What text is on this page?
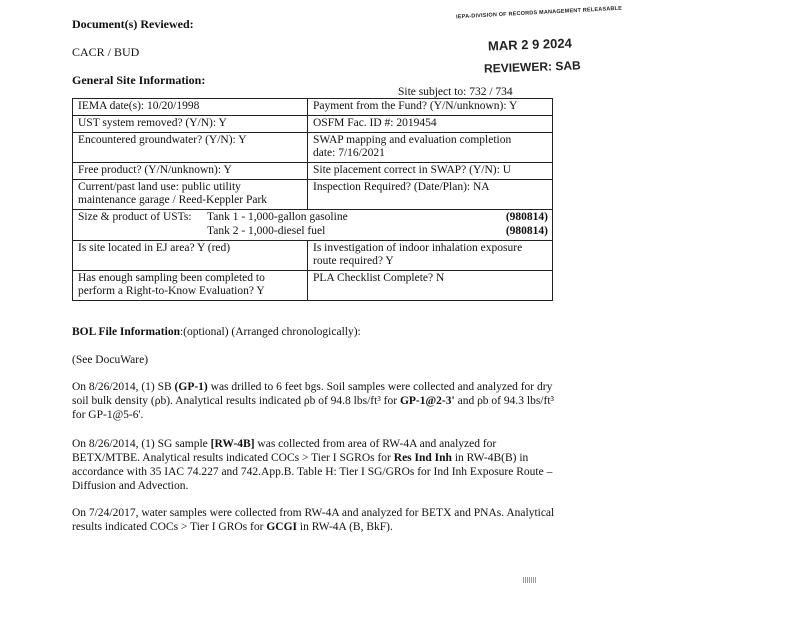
Document(s) Reviewed:
CACR / BUD
General Site Information:
IEPA-DIVISION OF RECORDS MANAGEMENT RELEASABLE
MAR 2 9 2024
REVIEWER: SAB
Site subject to: 732 / 734
IEMA date(s): 10/20/1998	Payment from the Fund? (Y/N/unknown): Y
UST system removed? (Y/N): Y	OSFM Fac. ID #: 2019454
Encountered groundwater? (Y/N): Y	SWAP mapping and evaluation completion
date: 7/16/2021

Free product? (Y/N/unknown): Y	Site placement correct in SWAP? (Y/N): U

Current/past land use: public utility
maintenance garage / Reed-Keppler Park	Inspection Required? (Date/Plan): NA

Size & product of USTs: Tank 1 - 1,000-gallon gasoline (980814)
Tank 2 - 1,000-diesel fuel (980814)	

Is site located in EJ area? Y (red)	Is investigation of indoor inhalation exposure
route required? Y

Has enough sampling been completed to
perform a Right-to-Know Evaluation? Y	PLA Checklist Complete? N
BOL File Information:(optional) (Arranged chronologically):
(See DocuWare)
On 8/26/2014, (1) SB (GP-1) was drilled to 6 feet bgs. Soil samples were collected and analyzed for dry soil bulk density (ρb). Analytical results indicated ρb of 94.8 lbs/ft³ for GP-1@2-3' and ρb of 94.3 lbs/ft³ for GP-1@5-6'.
On 8/26/2014, (1) SG sample [RW-4B] was collected from area of RW-4A and analyzed for BETX/MTBE. Analytical results indicated COCs > Tier I SGROs for Res Ind Inh in RW-4B(B) in accordance with 35 IAC 74.227 and 742.App.B. Table H: Tier I SG/GROs for Ind Inh Exposure Route – Diffusion and Advection.
On 7/24/2017, water samples were collected from RW-4A and analyzed for BETX and PNAs. Analytical results indicated COCs > Tier I GROs for GCGI in RW-4A (B, BkF).
